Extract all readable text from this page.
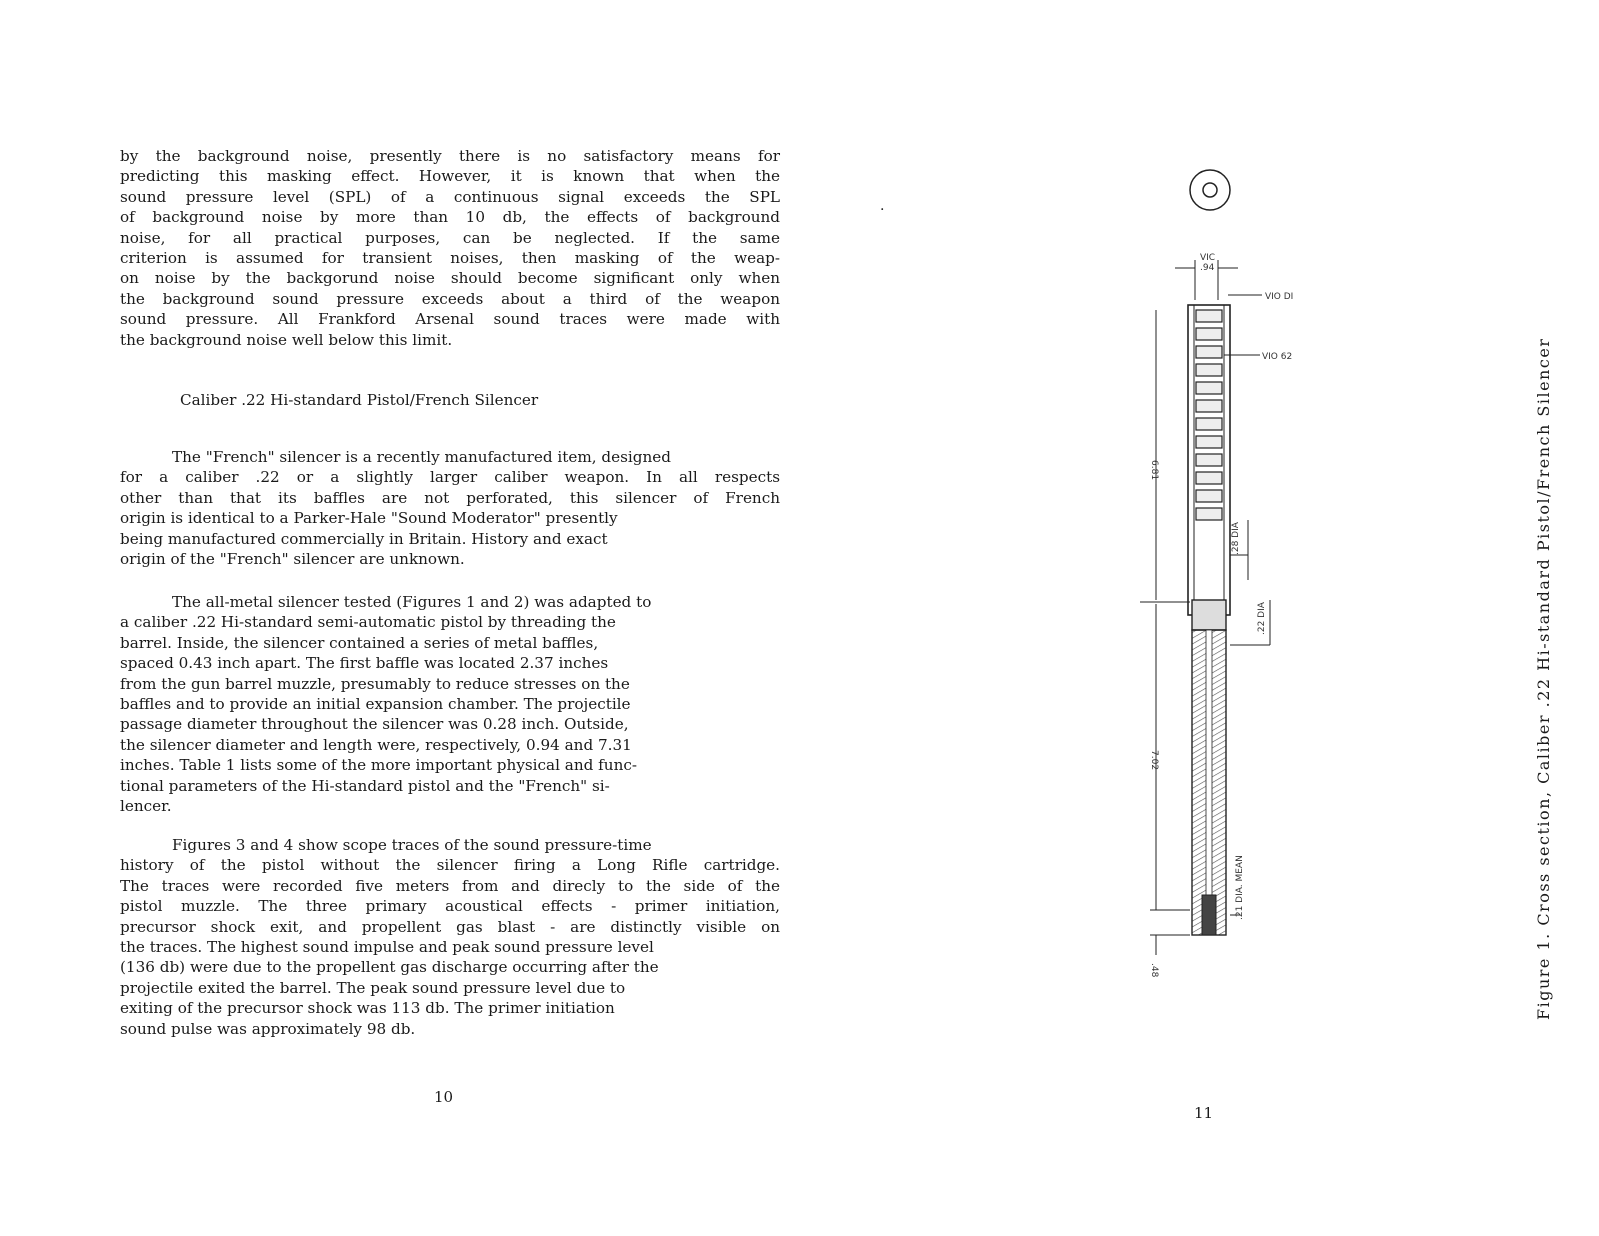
by the background noise, presently there is no satisfactory means for
predicting this masking effect. However, it is known that when the
sound pressure level (SPL) of a continuous signal exceeds the SPL
of background noise by more than 10 db, the effects of background
noise, for all practical purposes, can be neglected. If the same
criterion is assumed for transient noises, then masking of the weap-
on noise by the backgorund noise should become significant only when
the background sound pressure exceeds about a third of the weapon
sound pressure. All Frankford Arsenal sound traces were made with
the background noise well below this limit.
Caliber .22 Hi-standard Pistol/French Silencer
The "French" silencer is a recently manufactured item, designed
for a caliber .22 or a slightly larger caliber weapon. In all respects
other than that its baffles are not perforated, this silencer of French
origin is identical to a Parker-Hale "Sound Moderator" presently
being manufactured commercially in Britain. History and exact
origin of the "French" silencer are unknown.
The all-metal silencer tested (Figures 1 and 2) was adapted to
a caliber .22 Hi-standard semi-automatic pistol by threading the
barrel. Inside, the silencer contained a series of metal baffles,
spaced 0.43 inch apart. The first baffle was located 2.37 inches
from the gun barrel muzzle, presumably to reduce stresses on the
baffles and to provide an initial expansion chamber. The projectile
passage diameter throughout the silencer was 0.28 inch. Outside,
the silencer diameter and length were, respectively, 0.94 and 7.31
inches. Table 1 lists some of the more important physical and func-
tional parameters of the Hi-standard pistol and the "French" si-
lencer.
Figures 3 and 4 show scope traces of the sound pressure-time
history of the pistol without the silencer firing a Long Rifle cartridge.
The traces were recorded five meters from and direcly to the side of the
pistol muzzle. The three primary acoustical effects - primer initiation,
precursor shock exit, and propellent gas blast - are distinctly visible on
the traces. The highest sound impulse and peak sound pressure level
(136 db) were due to the propellent gas discharge occurring after the
projectile exited the barrel. The peak sound pressure level due to
exiting of the precursor shock was 113 db. The primer initiation
sound pulse was approximately 98 db.
10
.
VIC
.94
VIO DI
VIO 62
6.81
7.02
.48
.28 DIA
.22 DIA
.21 DIA. MEAN	Figure 1. Cross section, Caliber .22 Hi-standard Pistol/French Silencer
11
